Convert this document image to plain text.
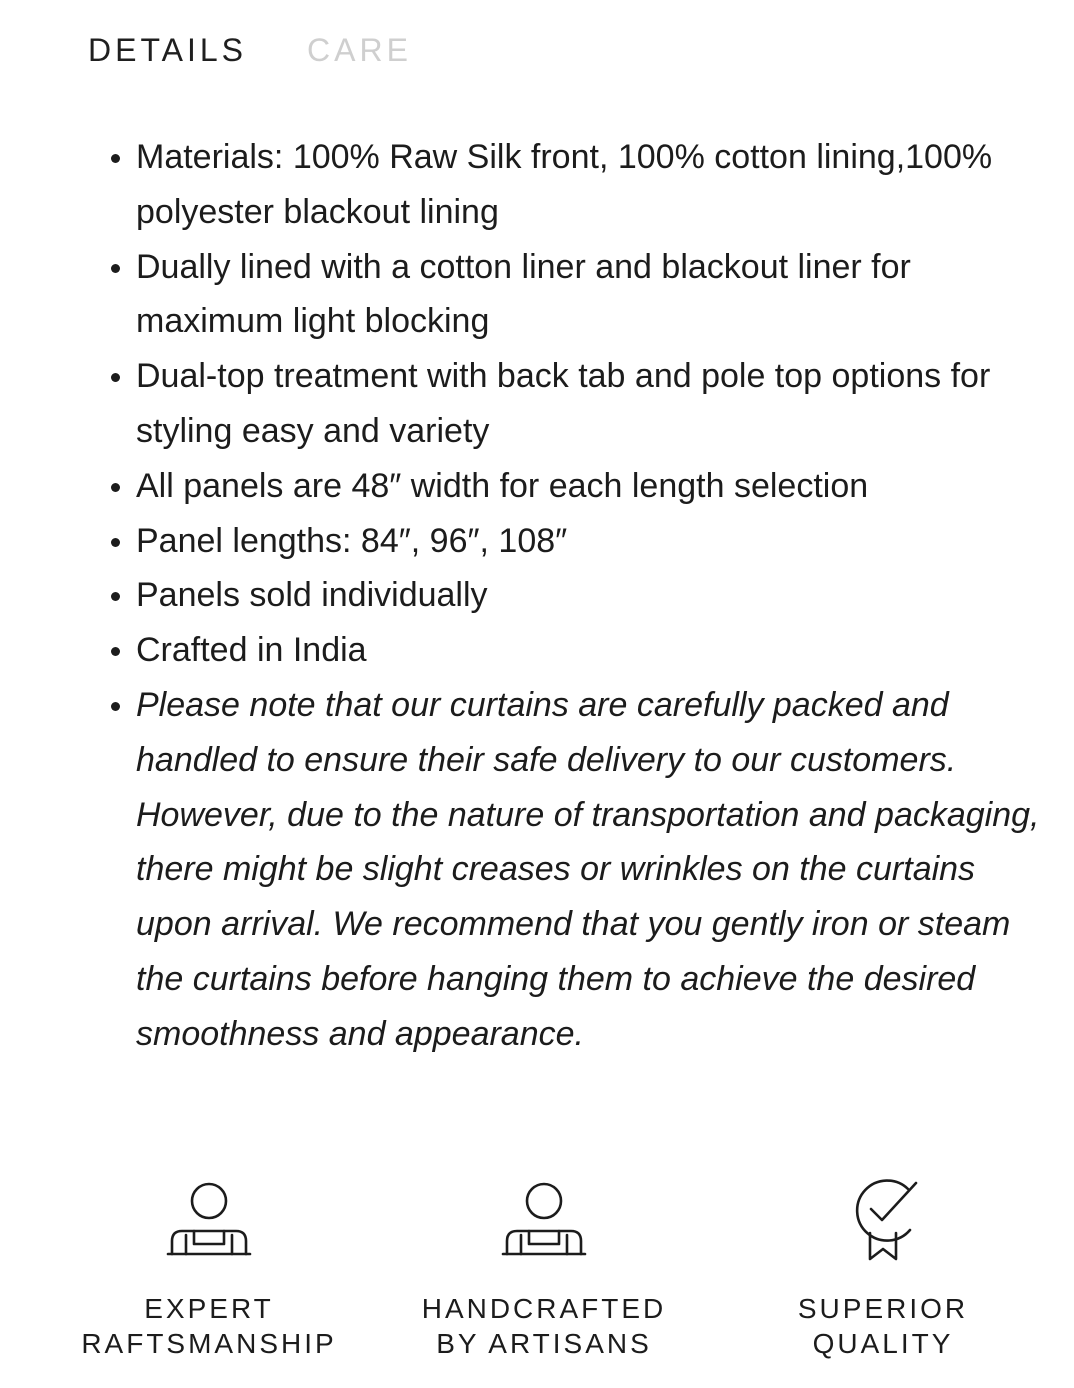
DETAILS CARE
Materials: 100% Raw Silk front, 100% cotton lining,100% polyester blackout lining
Dually lined with a cotton liner and blackout liner for maximum light blocking
Dual-top treatment with back tab and pole top options for styling easy and variety
All panels are 48″ width for each length selection
Panel lengths: 84″, 96″, 108″
Panels sold individually
Crafted in India
Please note that our curtains are carefully packed and handled to ensure their safe delivery to our customers. However, due to the nature of transportation and packaging, there might be slight creases or wrinkles on the curtains upon arrival. We recommend that you gently iron or steam the curtains before hanging them to achieve the desired smoothness and appearance.
EXPERT
RAFTSMANSHIP
HANDCRAFTED
BY ARTISANS
SUPERIOR
QUALITY
